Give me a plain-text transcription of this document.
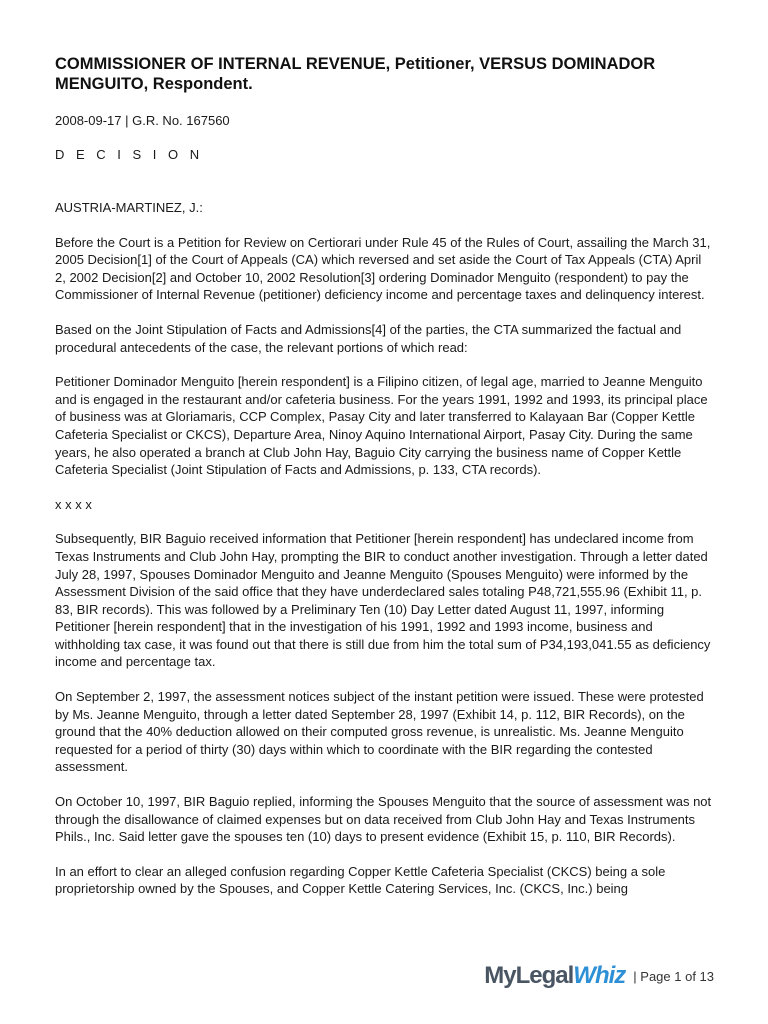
COMMISSIONER OF INTERNAL REVENUE, Petitioner, VERSUS DOMINADOR MENGUITO, Respondent.
2008-09-17 | G.R. No. 167560
D E C I S I O N

AUSTRIA-MARTINEZ, J.:

Before the Court is a Petition for Review on Certiorari under Rule 45 of the Rules of Court, assailing the March 31, 2005 Decision[1] of the Court of Appeals (CA) which reversed and set aside the Court of Tax Appeals (CTA) April 2, 2002 Decision[2] and October 10, 2002 Resolution[3] ordering Dominador Menguito (respondent) to pay the Commissioner of Internal Revenue (petitioner) deficiency income and percentage taxes and delinquency interest.

Based on the Joint Stipulation of Facts and Admissions[4] of the parties, the CTA summarized the factual and procedural antecedents of the case, the relevant portions of which read:

Petitioner Dominador Menguito [herein respondent] is a Filipino citizen, of legal age, married to Jeanne Menguito and is engaged in the restaurant and/or cafeteria business. For the years 1991, 1992 and 1993, its principal place of business was at Gloriamaris, CCP Complex, Pasay City and later transferred to Kalayaan Bar (Copper Kettle Cafeteria Specialist or CKCS), Departure Area, Ninoy Aquino International Airport, Pasay City. During the same years, he also operated a branch at Club John Hay, Baguio City carrying the business name of Copper Kettle Cafeteria Specialist (Joint Stipulation of Facts and Admissions, p. 133, CTA records).

x x x x

Subsequently, BIR Baguio received information that Petitioner [herein respondent] has undeclared income from Texas Instruments and Club John Hay, prompting the BIR to conduct another investigation. Through a letter dated July 28, 1997, Spouses Dominador Menguito and Jeanne Menguito (Spouses Menguito) were informed by the Assessment Division of the said office that they have underdeclared sales totaling P48,721,555.96 (Exhibit 11, p. 83, BIR records). This was followed by a Preliminary Ten (10) Day Letter dated August 11, 1997, informing Petitioner [herein respondent] that in the investigation of his 1991, 1992 and 1993 income, business and withholding tax case, it was found out that there is still due from him the total sum of P34,193,041.55 as deficiency income and percentage tax.

On September 2, 1997, the assessment notices subject of the instant petition were issued. These were protested by Ms. Jeanne Menguito, through a letter dated September 28, 1997 (Exhibit 14, p. 112, BIR Records), on the ground that the 40% deduction allowed on their computed gross revenue, is unrealistic. Ms. Jeanne Menguito requested for a period of thirty (30) days within which to coordinate with the BIR regarding the contested assessment.

On October 10, 1997, BIR Baguio replied, informing the Spouses Menguito that the source of assessment was not through the disallowance of claimed expenses but on data received from Club John Hay and Texas Instruments Phils., Inc. Said letter gave the spouses ten (10) days to present evidence (Exhibit 15, p. 110, BIR Records).

In an effort to clear an alleged confusion regarding Copper Kettle Cafeteria Specialist (CKCS) being a sole proprietorship owned by the Spouses, and Copper Kettle Catering Services, Inc. (CKCS, Inc.) being

MyLegalWhiz | Page 1 of 13
